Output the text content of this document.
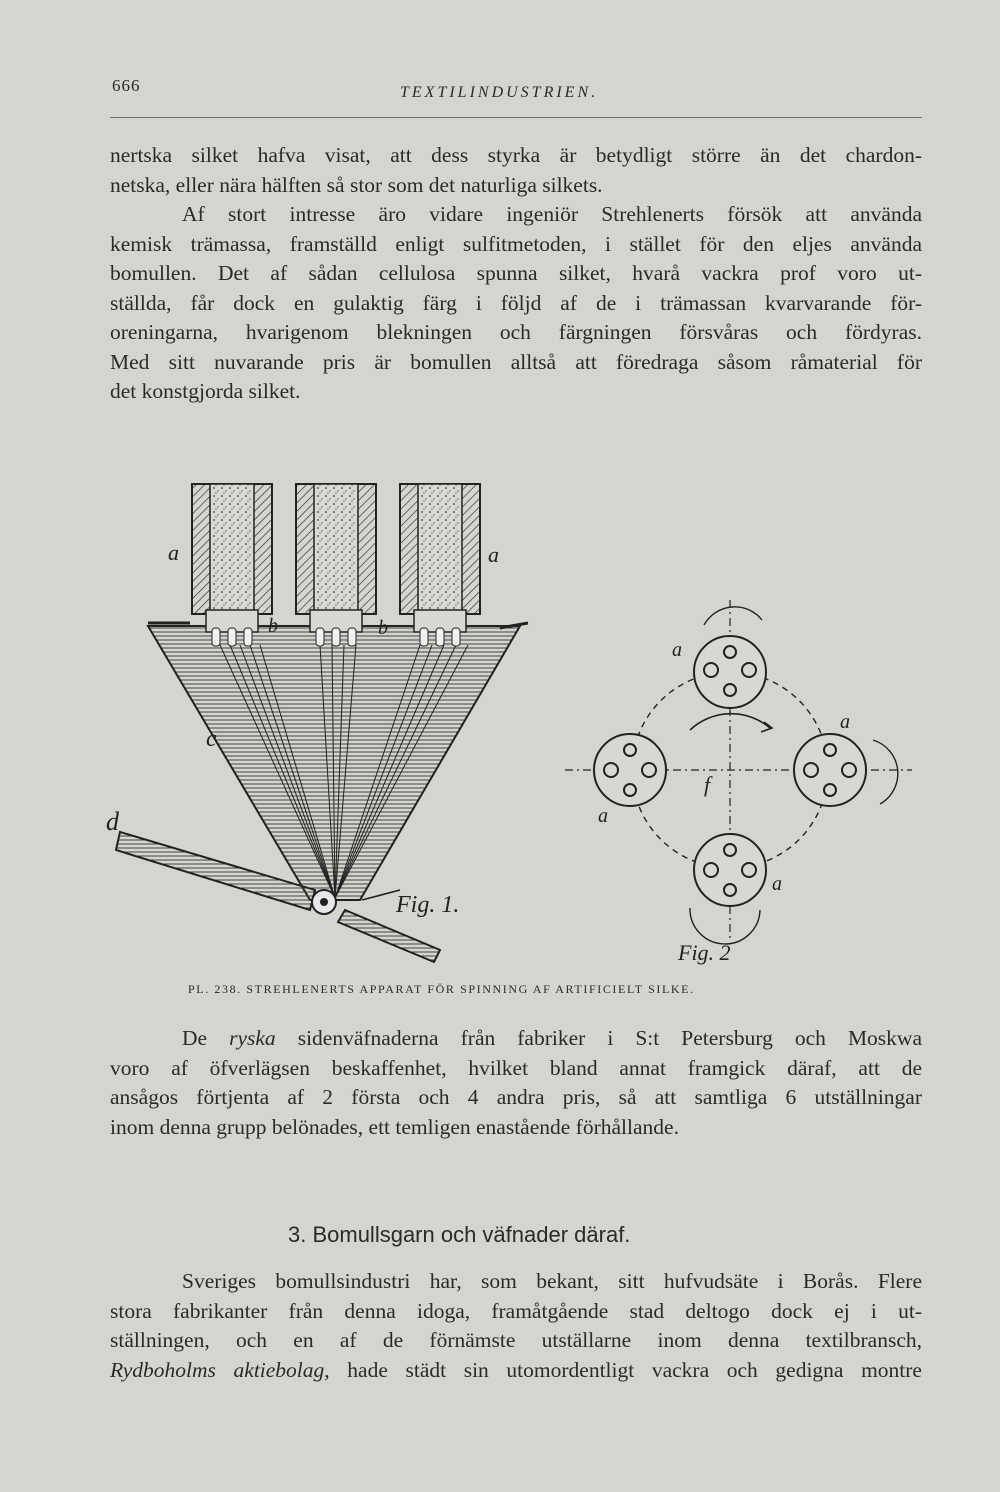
666	TEXTILINDUSTRIEN.

nertska silket hafva visat, att dess styrka är betydligt större än det chardon-
netska, eller nära hälften så stor som det naturliga silkets.
Af stort intresse äro vidare ingeniör Strehlenerts försök att använda
kemisk trämassa, framställd enligt sulfitmetoden, i stället för den eljes använda
bomullen. Det af sådan cellulosa spunna silket, hvarå vackra prof voro ut-
ställda, får dock en gulaktig färg i följd af de i trämassan kvarvarande för-
oreningarna, hvarigenom blekningen och färgningen försvåras och fördyras.
Med sitt nuvarande pris är bomullen alltså att föredraga såsom råmaterial för
det konstgjorda silket.

a	a
b	b
c
d
Fig. 1.
a
a
a
a
f
Fig. 2
PL. 238. STREHLENERTS APPARAT FÖR SPINNING AF ARTIFICIELT SILKE.

De ryska sidenväfnaderna från fabriker i S:t Petersburg och Moskwa
voro af öfverlägsen beskaffenhet, hvilket bland annat framgick däraf, att de
ansågos förtjenta af 2 första och 4 andra pris, så att samtliga 6 utställningar
inom denna grupp belönades, ett temligen enastående förhållande.

3. Bomullsgarn och väfnader däraf.

Sveriges bomullsindustri har, som bekant, sitt hufvudsäte i Borås. Flere
stora fabrikanter från denna idoga, framåtgående stad deltogo dock ej i ut-
ställningen, och en af de förnämste utställarne inom denna textilbransch,
Rydboholms aktiebolag, hade städt sin utomordentligt vackra och gedigna montre
